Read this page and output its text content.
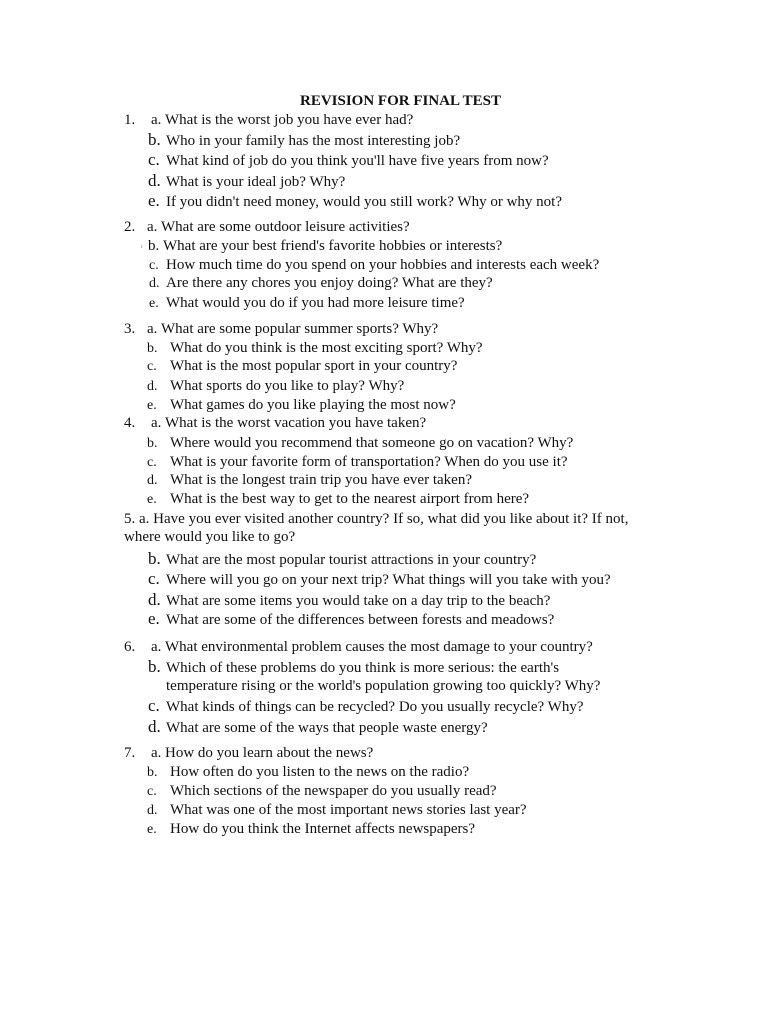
REVISION FOR FINAL TEST
1. a. What is the worst job you have ever had?
b. Who in your family has the most interesting job?
c. What kind of job do you think you'll have five years from now?
d. What is your ideal job? Why?
e. If you didn't need money, would you still work? Why or why not?
2. a. What are some outdoor leisure activities?
ʳ b. What are your best friend's favorite hobbies or interests?
c. How much time do you spend on your hobbies and interests each week?
d. Are there any chores you enjoy doing? What are they?
e. What would you do if you had more leisure time?
3. a. What are some popular summer sports? Why?
b. What do you think is the most exciting sport? Why?
c. What is the most popular sport in your country?
d. What sports do you like to play? Why?
e. What games do you like playing the most now?
4. a. What is the worst vacation you have taken?
b. Where would you recommend that someone go on vacation? Why?
c. What is your favorite form of transportation? When do you use it?
d. What is the longest train trip you have ever taken?
e. What is the best way to get to the nearest airport from here?
5. a. Have you ever visited another country? If so, what did you like about it? If not,
where would you like to go?
b. What are the most popular tourist attractions in your country?
c. Where will you go on your next trip? What things will you take with you?
d. What are some items you would take on a day trip to the beach?
e. What are some of the differences between forests and meadows?
6. a. What environmental problem causes the most damage to your country?
b. Which of these problems do you think is more serious: the earth's
temperature rising or the world's population growing too quickly? Why?
c. What kinds of things can be recycled? Do you usually recycle? Why?
d. What are some of the ways that people waste energy?
7. a. How do you learn about the news?
b. How often do you listen to the news on the radio?
c. Which sections of the newspaper do you usually read?
d. What was one of the most important news stories last year?
e. How do you think the Internet affects newspapers?
